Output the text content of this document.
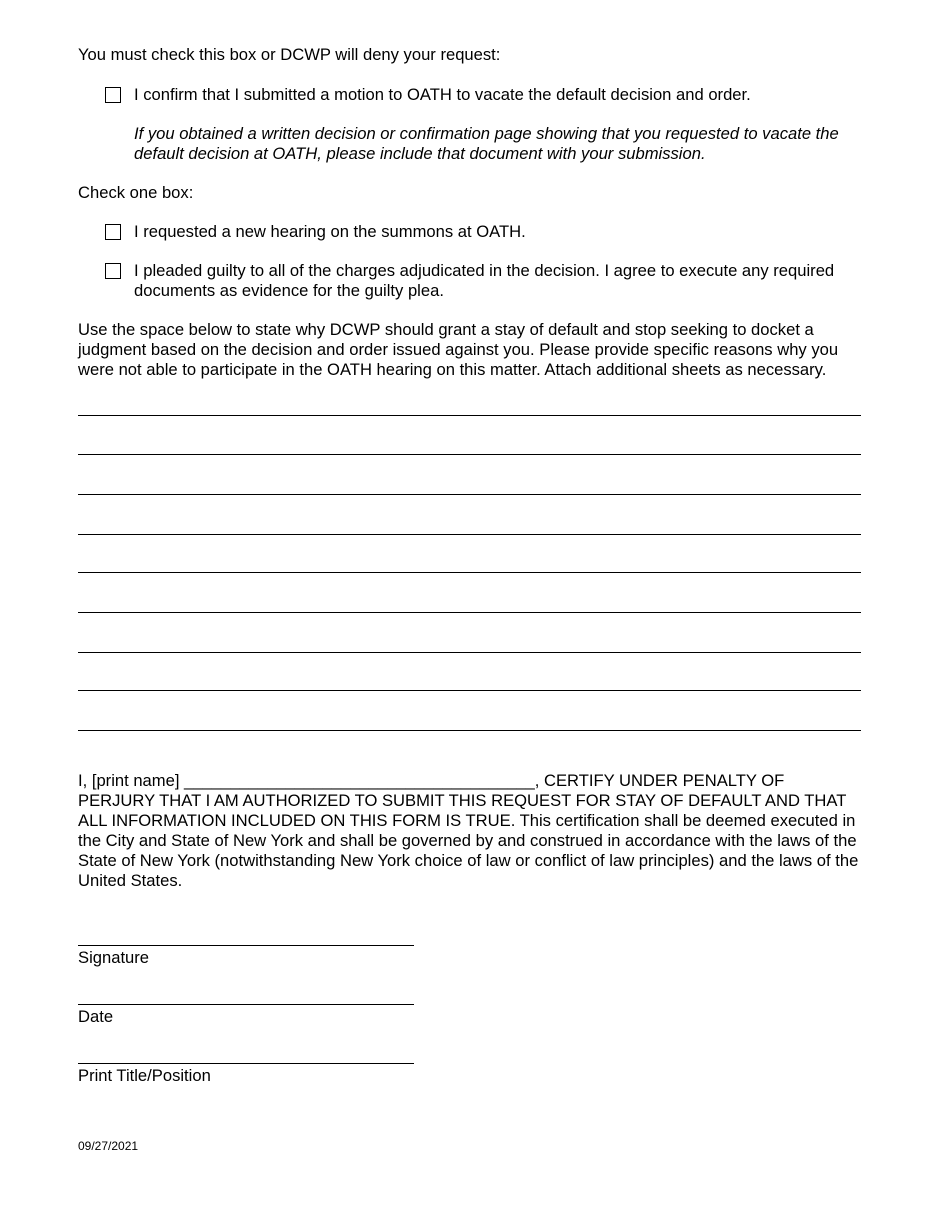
You must check this box or DCWP will deny your request:

I confirm that I submitted a motion to OATH to vacate the default decision and order.
If you obtained a written decision or confirmation page showing that you requested to vacate the default decision at OATH, please include that document with your submission.

Check one box:

I requested a new hearing on the summons at OATH.
I pleaded guilty to all of the charges adjudicated in the decision. I agree to execute any required documents as evidence for the guilty plea.

Use the space below to state why DCWP should grant a stay of default and stop seeking to docket a judgment based on the decision and order issued against you. Please provide specific reasons why you were not able to participate in the OATH hearing on this matter. Attach additional sheets as necessary.

I, [print name] ______________________________________, CERTIFY UNDER PENALTY OF PERJURY THAT I AM AUTHORIZED TO SUBMIT THIS REQUEST FOR STAY OF DEFAULT AND THAT ALL INFORMATION INCLUDED ON THIS FORM IS TRUE. This certification shall be deemed executed in the City and State of New York and shall be governed by and construed in accordance with the laws of the State of New York (notwithstanding New York choice of law or conflict of law principles) and the laws of the United States.

Signature
Date
Print Title/Position
09/27/2021
